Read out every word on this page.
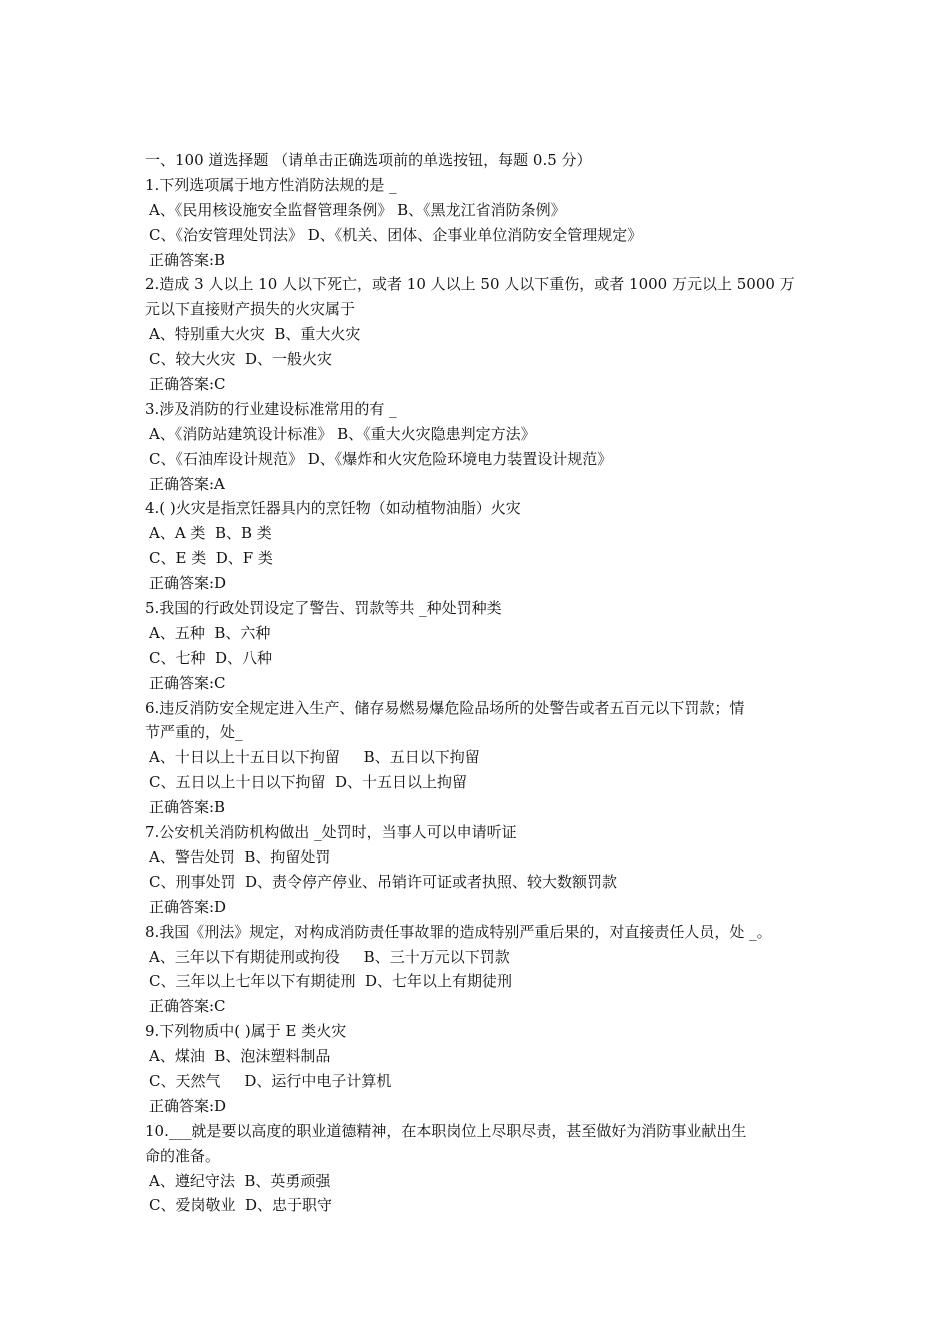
一、100 道选择题 （请单击正确选项前的单选按钮，每题 0.5 分）
1.下列选项属于地方性消防法规的是 _
A、《民用核设施安全监督管理条例》 B、《黑龙江省消防条例》
C、《治安管理处罚法》 D、《机关、团体、企事业单位消防安全管理规定》
正确答案:B
2.造成 3 人以上 10 人以下死亡，或者 10 人以上 50 人以下重伤，或者 1000 万元以上 5000 万
元以下直接财产损失的火灾属于
A、特别重大火灾  B、重大火灾
C、较大火灾  D、一般火灾
正确答案:C
3.涉及消防的行业建设标准常用的有 _
A、《消防站建筑设计标准》 B、《重大火灾隐患判定方法》
C、《石油库设计规范》 D、《爆炸和火灾危险环境电力装置设计规范》
正确答案:A
4.( )火灾是指烹饪器具内的烹饪物（如动植物油脂）火灾
A、A 类  B、B 类
C、E 类  D、F 类
正确答案:D
5.我国的行政处罚设定了警告、罚款等共 _种处罚种类
A、五种  B、六种
C、七种  D、八种
正确答案:C
6.违反消防安全规定进入生产、储存易燃易爆危险品场所的处警告或者五百元以下罚款；情
节严重的，处_
A、十日以上十五日以下拘留     B、五日以下拘留
C、五日以上十日以下拘留  D、十五日以上拘留
正确答案:B
7.公安机关消防机构做出 _处罚时，当事人可以申请听证
A、警告处罚  B、拘留处罚
C、刑事处罚  D、责令停产停业、吊销许可证或者执照、较大数额罚款
正确答案:D
8.我国《刑法》规定，对构成消防责任事故罪的造成特别严重后果的，对直接责任人员，处 _。
A、三年以下有期徒刑或拘役     B、三十万元以下罚款
C、三年以上七年以下有期徒刑  D、七年以上有期徒刑
正确答案:C
9.下列物质中( )属于 E 类火灾
A、煤油  B、泡沫塑料制品
C、天然气     D、运行中电子计算机
正确答案:D
10.___就是要以高度的职业道德精神，在本职岗位上尽职尽责，甚至做好为消防事业献出生
命的准备。
A、遵纪守法  B、英勇顽强
C、爱岗敬业  D、忠于职守
